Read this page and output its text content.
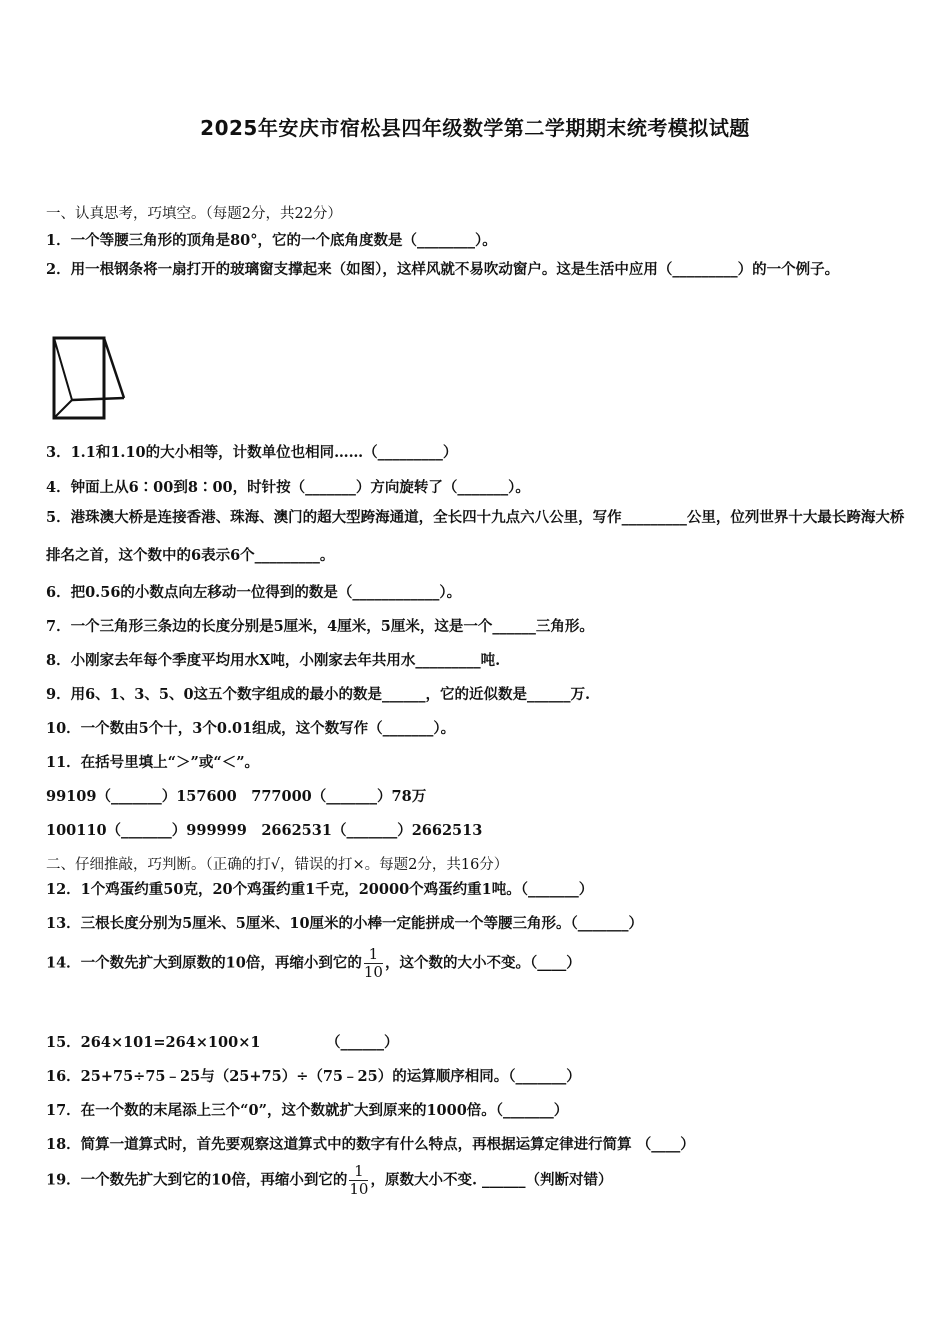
2025年安庆市宿松县四年级数学第二学期期末统考模拟试题
一、认真思考，巧填空。（每题2分，共22分）
1．一个等腰三角形的顶角是80°，它的一个底角度数是（________）。
2．用一根钢条将一扇打开的玻璃窗支撑起来（如图），这样风就不易吹动窗户。这是生活中应用（_________）的一个例子。
3．1.1和1.10的大小相等，计数单位也相同……（_________）
4．钟面上从6∶00到8∶00，时针按（_______）方向旋转了（_______）。
5．港珠澳大桥是连接香港、珠海、澳门的超大型跨海通道，全长四十九点六八公里，写作_________公里，位列世界十大最长跨海大桥排名之首，这个数中的6表示6个_________。
6．把0.56的小数点向左移动一位得到的数是（____________）。
7．一个三角形三条边的长度分别是5厘米，4厘米，5厘米，这是一个______三角形。
8．小刚家去年每个季度平均用水X吨，小刚家去年共用水_________吨.
9．用6、1、3、5、0这五个数字组成的最小的数是______，它的近似数是______万.
10．一个数由5个十，3个0.01组成，这个数写作（_______）。
11．在括号里填上“＞”或“＜”。
99109（_______）157600　777000（_______）78万
100110（_______）999999　2662531（_______）2662513
二、仔细推敲，巧判断。（正确的打√，错误的打×。每题2分，共16分）
12．1个鸡蛋约重50克，20个鸡蛋约重1千克，20000个鸡蛋约重1吨。（_______）
13．三根长度分别为5厘米、5厘米、10厘米的小棒一定能拼成一个等腰三角形。（_______）
14．一个数先扩大到原数的10倍，再缩小到它的 $\frac{1}{10}$ ，这个数的大小不变。（____）
15．264×101=264×100×1	（______）
16．25+75÷75﹣25与（25+75）÷（75﹣25）的运算顺序相同。（_______）
17．在一个数的末尾添上三个“0”，这个数就扩大到原来的1000倍。（_______）
18．简算一道算式时，首先要观察这道算式中的数字有什么特点，再根据运算定律进行简算 （____）
19．一个数先扩大到它的10倍，再缩小到它的 $\frac{1}{10}$ ，原数大小不变. ______（判断对错）
